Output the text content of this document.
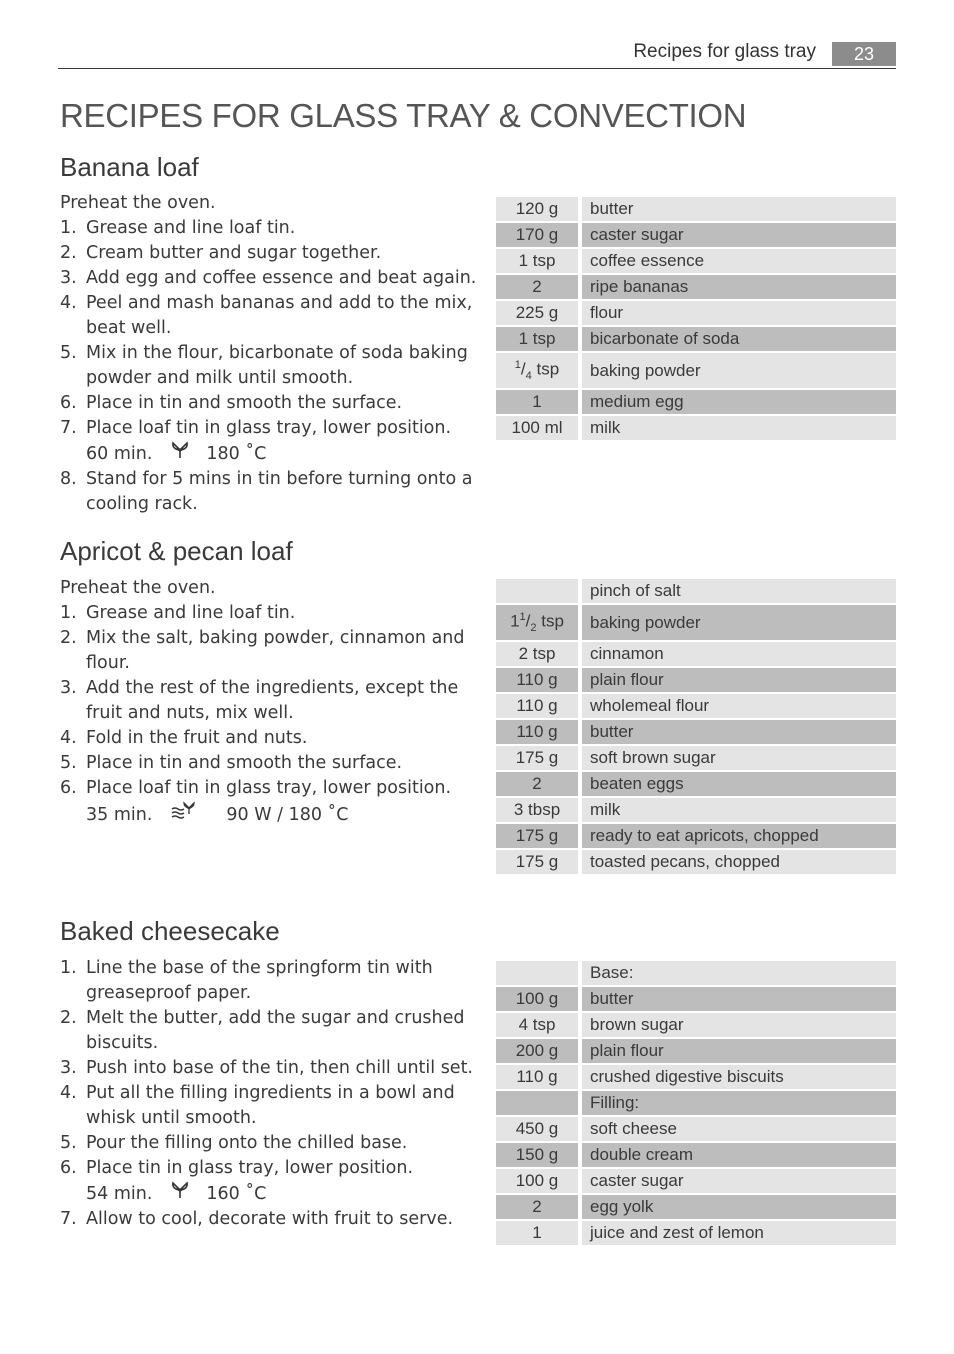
Recipes for glass tray	23
RECIPES FOR GLASS TRAY & CONVECTION
Banana loaf

Preheat the oven.

1. Grease and line loaf tin.
2. Cream butter and sugar together.
3. Add egg and coffee essence and beat again.
4. Peel and mash bananas and add to the mix, beat well.
5. Mix in the flour, bicarbonate of soda baking powder and milk until smooth.
6. Place in tin and smooth the surface.
7. Place loaf tin in glass tray, lower position.
60 min.	180 ˚C
8. Stand for 5 mins in tin before turning onto a cooling rack.
120 g		butter
170 g		caster sugar
1 tsp		coffee essence
2		ripe bananas
225 g		flour
1 tsp		bicarbonate of soda
$^1/_4$ tsp		baking powder
1		medium egg
100 ml		milk
Apricot & pecan loaf

Preheat the oven.

1. Grease and line loaf tin.
2. Mix the salt, baking powder, cinnamon and flour.
3. Add the rest of the ingredients, except the fruit and nuts, mix well.
4. Fold in the fruit and nuts.
5. Place in tin and smooth the surface.
6. Place loaf tin in glass tray, lower position.
35 min.	90 W / 180 ˚C
		pinch of salt
$1^1/_2$ tsp		baking powder
2 tsp		cinnamon
110 g		plain flour
110 g		wholemeal flour
110 g		butter
175 g		soft brown sugar
2		beaten eggs
3 tbsp		milk
175 g		ready to eat apricots, chopped
175 g		toasted pecans, chopped
Baked cheesecake
1. Line the base of the springform tin with greaseproof paper.
2. Melt the butter, add the sugar and crushed biscuits.
3. Push into base of the tin, then chill until set.
4. Put all the filling ingredients in a bowl and whisk until smooth.
5. Pour the filling onto the chilled base.
6. Place tin in glass tray, lower position.
54 min.	160 ˚C
7. Allow to cool, decorate with fruit to serve.
		Base:
100 g		butter
4 tsp		brown sugar
200 g		plain flour
110 g		crushed digestive biscuits
		Filling:
450 g		soft cheese
150 g		double cream
100 g		caster sugar
2		egg yolk
1		juice and zest of lemon
